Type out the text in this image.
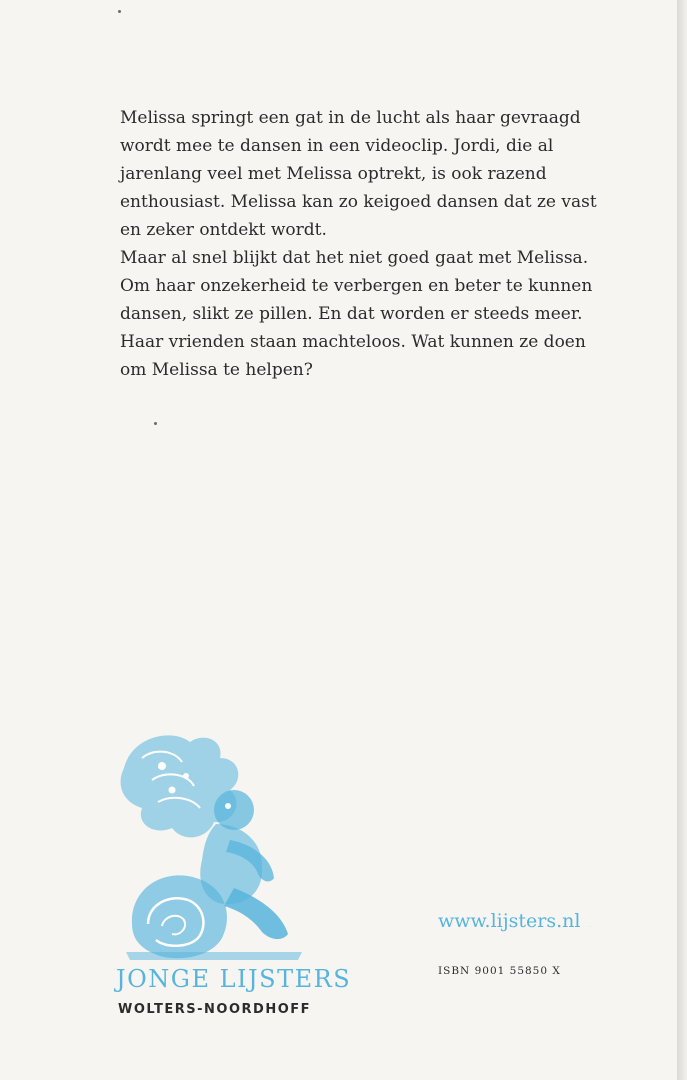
Melissa springt een gat in de lucht als haar gevraagd wordt mee te dansen in een videoclip. Jordi, die al jarenlang veel met Melissa optrekt, is ook razend enthousiast. Melissa kan zo keigoed dansen dat ze vast en zeker ontdekt wordt.

Maar al snel blijkt dat het niet goed gaat met Melissa. Om haar onzekerheid te verbergen en beter te kunnen dansen, slikt ze pillen. En dat worden er steeds meer. Haar vrienden staan machteloos. Wat kunnen ze doen om Melissa te helpen?

JONGE LIJSTERS
WOLTERS-NOORDHOFF
www.lijsters.nl
ISBN 9001 55850 X
